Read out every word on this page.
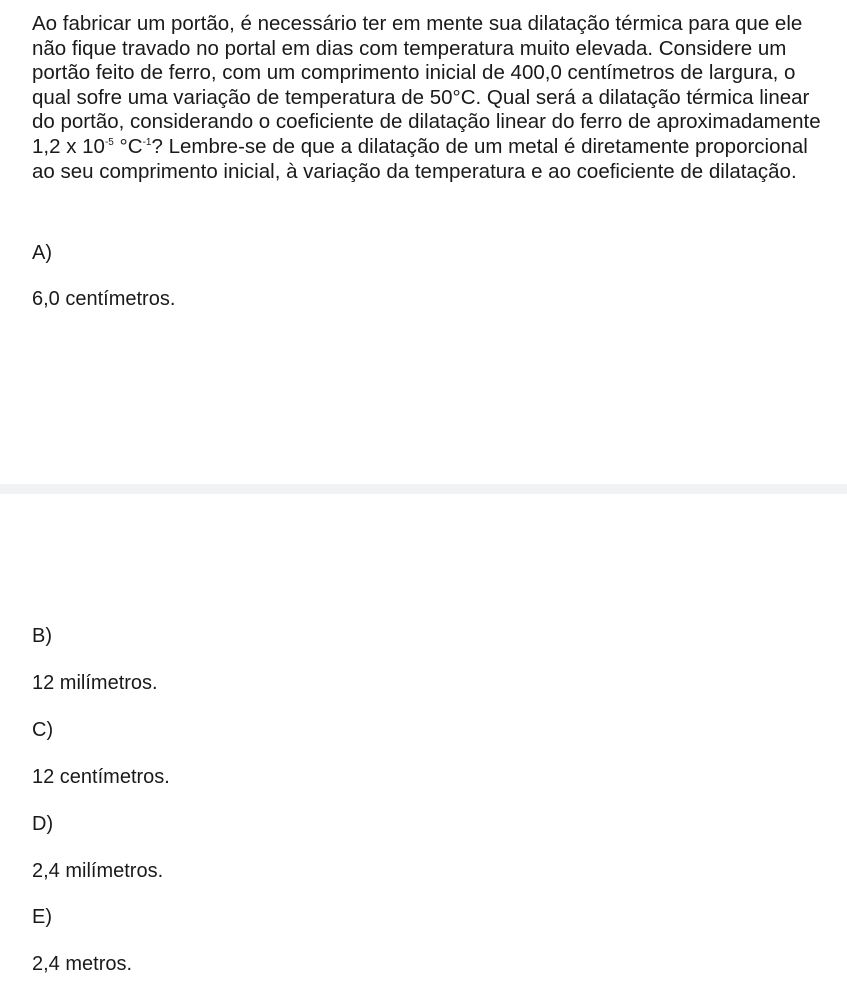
Ao fabricar um portão, é necessário ter em mente sua dilatação térmica para que ele não fique travado no portal em dias com temperatura muito elevada. Considere um portão feito de ferro, com um comprimento inicial de 400,0 centímetros de largura, o qual sofre uma variação de temperatura de 50°C. Qual será a dilatação térmica linear do portão, considerando o coeficiente de dilatação linear do ferro de aproximadamente 1,2 x $10^{-5}$ $^\circ C^{-1}$? Lembre-se de que a dilatação de um metal é diretamente proporcional ao seu comprimento inicial, à variação da temperatura e ao coeficiente de dilatação.

A)
6,0 centímetros.
B)
12 milímetros.
C)
12 centímetros.
D)
2,4 milímetros.
E)
2,4 metros.
